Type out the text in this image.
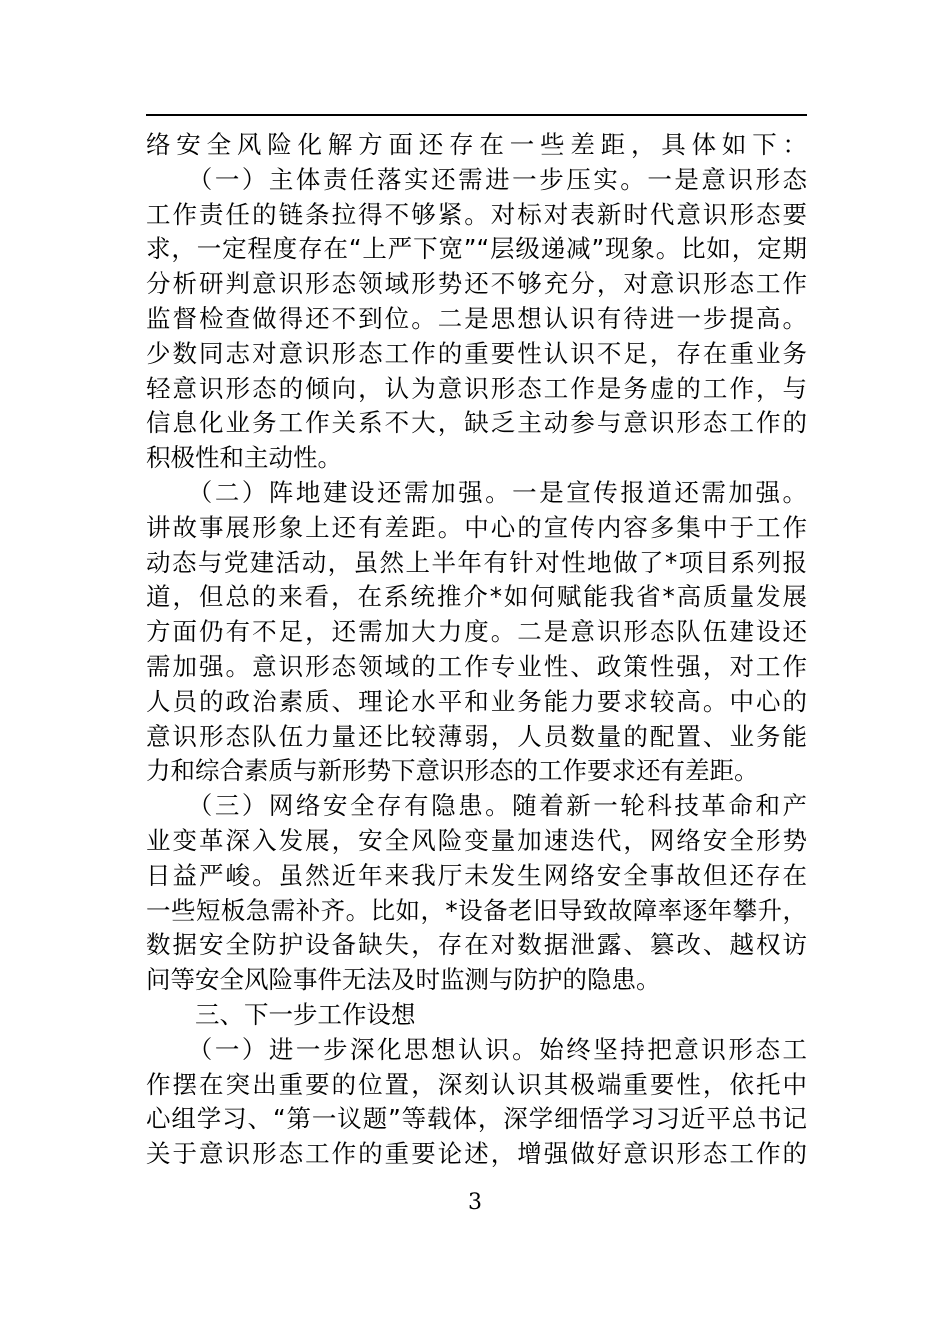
络安全风险化解方面还存在一些差距，具体如下：
　　（一）主体责任落实还需进一步压实。一是意识形态
工作责任的链条拉得不够紧。对标对表新时代意识形态要
求，一定程度存在“上严下宽”“层级递减”现象。比如，定期
分析研判意识形态领域形势还不够充分，对意识形态工作
监督检查做得还不到位。二是思想认识有待进一步提高。
少数同志对意识形态工作的重要性认识不足，存在重业务
轻意识形态的倾向，认为意识形态工作是务虚的工作，与
信息化业务工作关系不大，缺乏主动参与意识形态工作的
积极性和主动性。
　　（二）阵地建设还需加强。一是宣传报道还需加强。
讲故事展形象上还有差距。中心的宣传内容多集中于工作
动态与党建活动，虽然上半年有针对性地做了*项目系列报
道，但总的来看，在系统推介*如何赋能我省*高质量发展
方面仍有不足，还需加大力度。二是意识形态队伍建设还
需加强。意识形态领域的工作专业性、政策性强，对工作
人员的政治素质、理论水平和业务能力要求较高。中心的
意识形态队伍力量还比较薄弱，人员数量的配置、业务能
力和综合素质与新形势下意识形态的工作要求还有差距。
　　（三）网络安全存有隐患。随着新一轮科技革命和产
业变革深入发展，安全风险变量加速迭代，网络安全形势
日益严峻。虽然近年来我厅未发生网络安全事故但还存在
一些短板急需补齐。比如，*设备老旧导致故障率逐年攀升，
数据安全防护设备缺失，存在对数据泄露、篡改、越权访
问等安全风险事件无法及时监测与防护的隐患。
　　三、下一步工作设想
　　（一）进一步深化思想认识。始终坚持把意识形态工
作摆在突出重要的位置，深刻认识其极端重要性，依托中
心组学习、“第一议题”等载体，深学细悟学习习近平总书记
关于意识形态工作的重要论述，增强做好意识形态工作的
3
